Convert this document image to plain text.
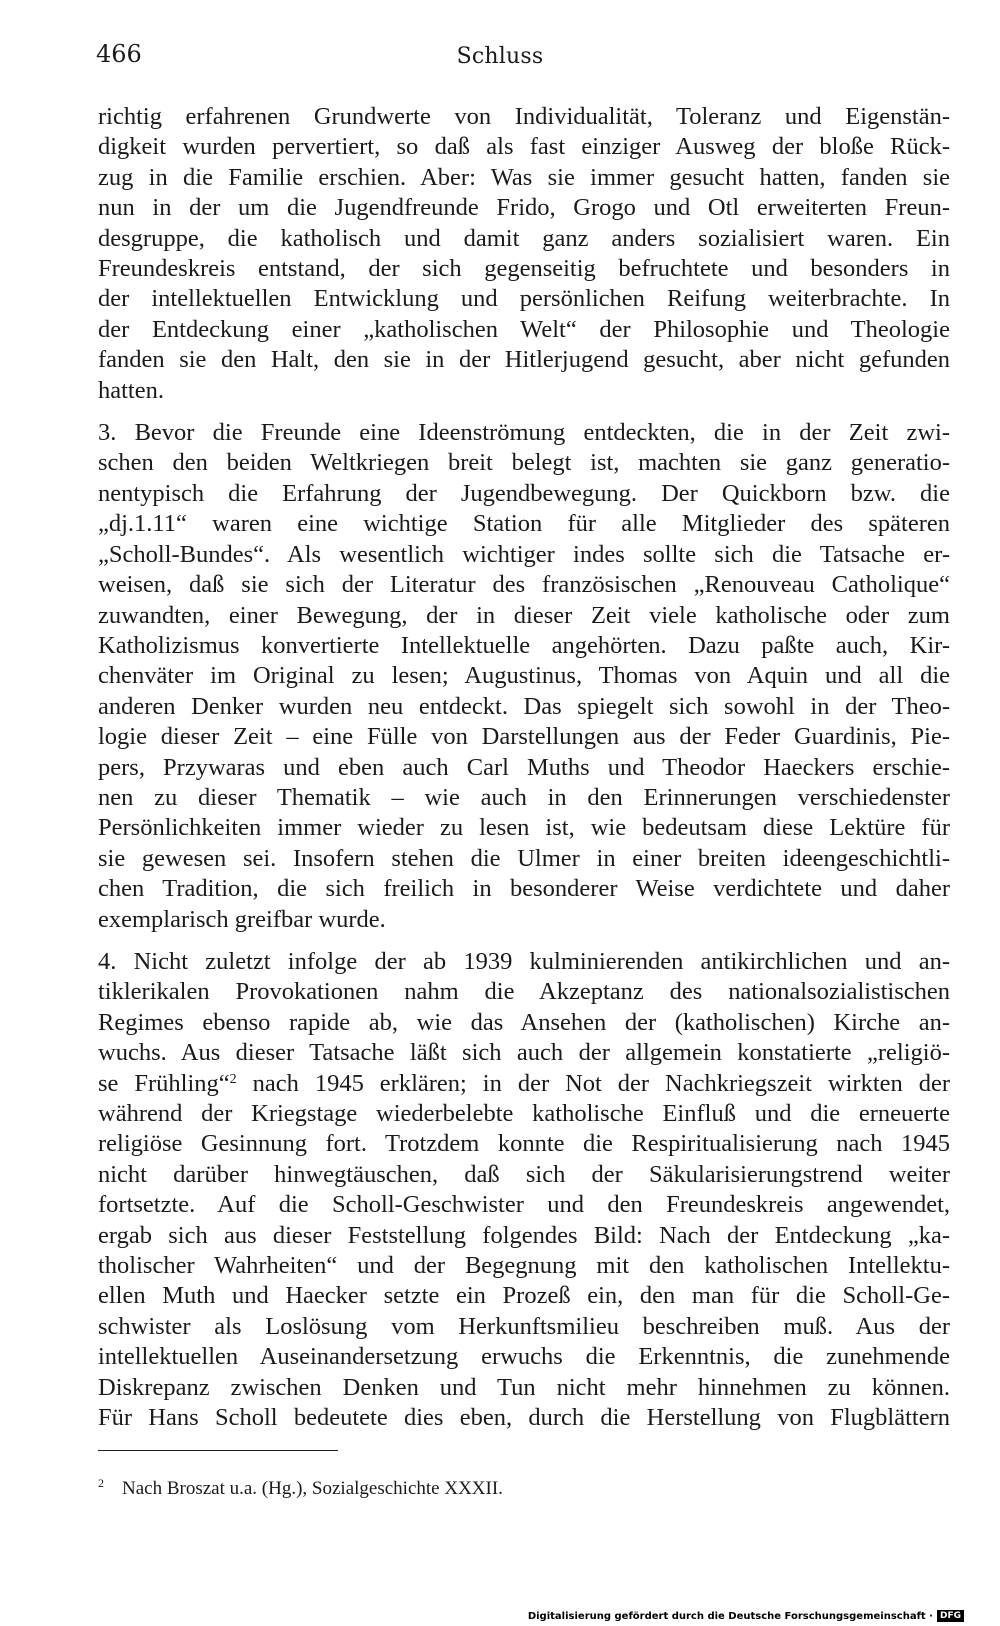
466	Schluss

richtig erfahrenen Grundwerte von Individualität, Toleranz und Eigenstän-
digkeit wurden pervertiert, so daß als fast einziger Ausweg der bloße Rück-
zug in die Familie erschien. Aber: Was sie immer gesucht hatten, fanden sie
nun in der um die Jugendfreunde Frido, Grogo und Otl erweiterten Freun-
desgruppe, die katholisch und damit ganz anders sozialisiert waren. Ein
Freundeskreis entstand, der sich gegenseitig befruchtete und besonders in
der intellektuellen Entwicklung und persönlichen Reifung weiterbrachte. In
der Entdeckung einer „katholischen Welt“ der Philosophie und Theologie
fanden sie den Halt, den sie in der Hitlerjugend gesucht, aber nicht gefunden
hatten.

3. Bevor die Freunde eine Ideenströmung entdeckten, die in der Zeit zwi-
schen den beiden Weltkriegen breit belegt ist, machten sie ganz generatio-
nentypisch die Erfahrung der Jugendbewegung. Der Quickborn bzw. die
„dj.1.11“ waren eine wichtige Station für alle Mitglieder des späteren
„Scholl-Bundes“. Als wesentlich wichtiger indes sollte sich die Tatsache er-
weisen, daß sie sich der Literatur des französischen „Renouveau Catholique“
zuwandten, einer Bewegung, der in dieser Zeit viele katholische oder zum
Katholizismus konvertierte Intellektuelle angehörten. Dazu paßte auch, Kir-
chenväter im Original zu lesen; Augustinus, Thomas von Aquin und all die
anderen Denker wurden neu entdeckt. Das spiegelt sich sowohl in der Theo-
logie dieser Zeit – eine Fülle von Darstellungen aus der Feder Guardinis, Pie-
pers, Przywaras und eben auch Carl Muths und Theodor Haeckers erschie-
nen zu dieser Thematik – wie auch in den Erinnerungen verschiedenster
Persönlichkeiten immer wieder zu lesen ist, wie bedeutsam diese Lektüre für
sie gewesen sei. Insofern stehen die Ulmer in einer breiten ideengeschichtli-
chen Tradition, die sich freilich in besonderer Weise verdichtete und daher
exemplarisch greifbar wurde.

4. Nicht zuletzt infolge der ab 1939 kulminierenden antikirchlichen und an-
tiklerikalen Provokationen nahm die Akzeptanz des nationalsozialistischen
Regimes ebenso rapide ab, wie das Ansehen der (katholischen) Kirche an-
wuchs. Aus dieser Tatsache läßt sich auch der allgemein konstatierte „religiö-
se Frühling“$^2$ nach 1945 erklären; in der Not der Nachkriegszeit wirkten der
während der Kriegstage wiederbelebte katholische Einfluß und die erneuerte
religiöse Gesinnung fort. Trotzdem konnte die Respiritualisierung nach 1945
nicht darüber hinwegtäuschen, daß sich der Säkularisierungstrend weiter
fortsetzte. Auf die Scholl-Geschwister und den Freundeskreis angewendet,
ergab sich aus dieser Feststellung folgendes Bild: Nach der Entdeckung „ka-
tholischer Wahrheiten“ und der Begegnung mit den katholischen Intellektu-
ellen Muth und Haecker setzte ein Prozeß ein, den man für die Scholl-Ge-
schwister als Loslösung vom Herkunftsmilieu beschreiben muß. Aus der
intellektuellen Auseinandersetzung erwuchs die Erkenntnis, die zunehmende
Diskrepanz zwischen Denken und Tun nicht mehr hinnehmen zu können.
Für Hans Scholl bedeutete dies eben, durch die Herstellung von Flugblättern

$^2$ Nach Broszat u.a. (Hg.), Sozialgeschichte XXXII.
Digitalisierung gefördert durch die Deutsche Forschungsgemeinschaft · DFG
